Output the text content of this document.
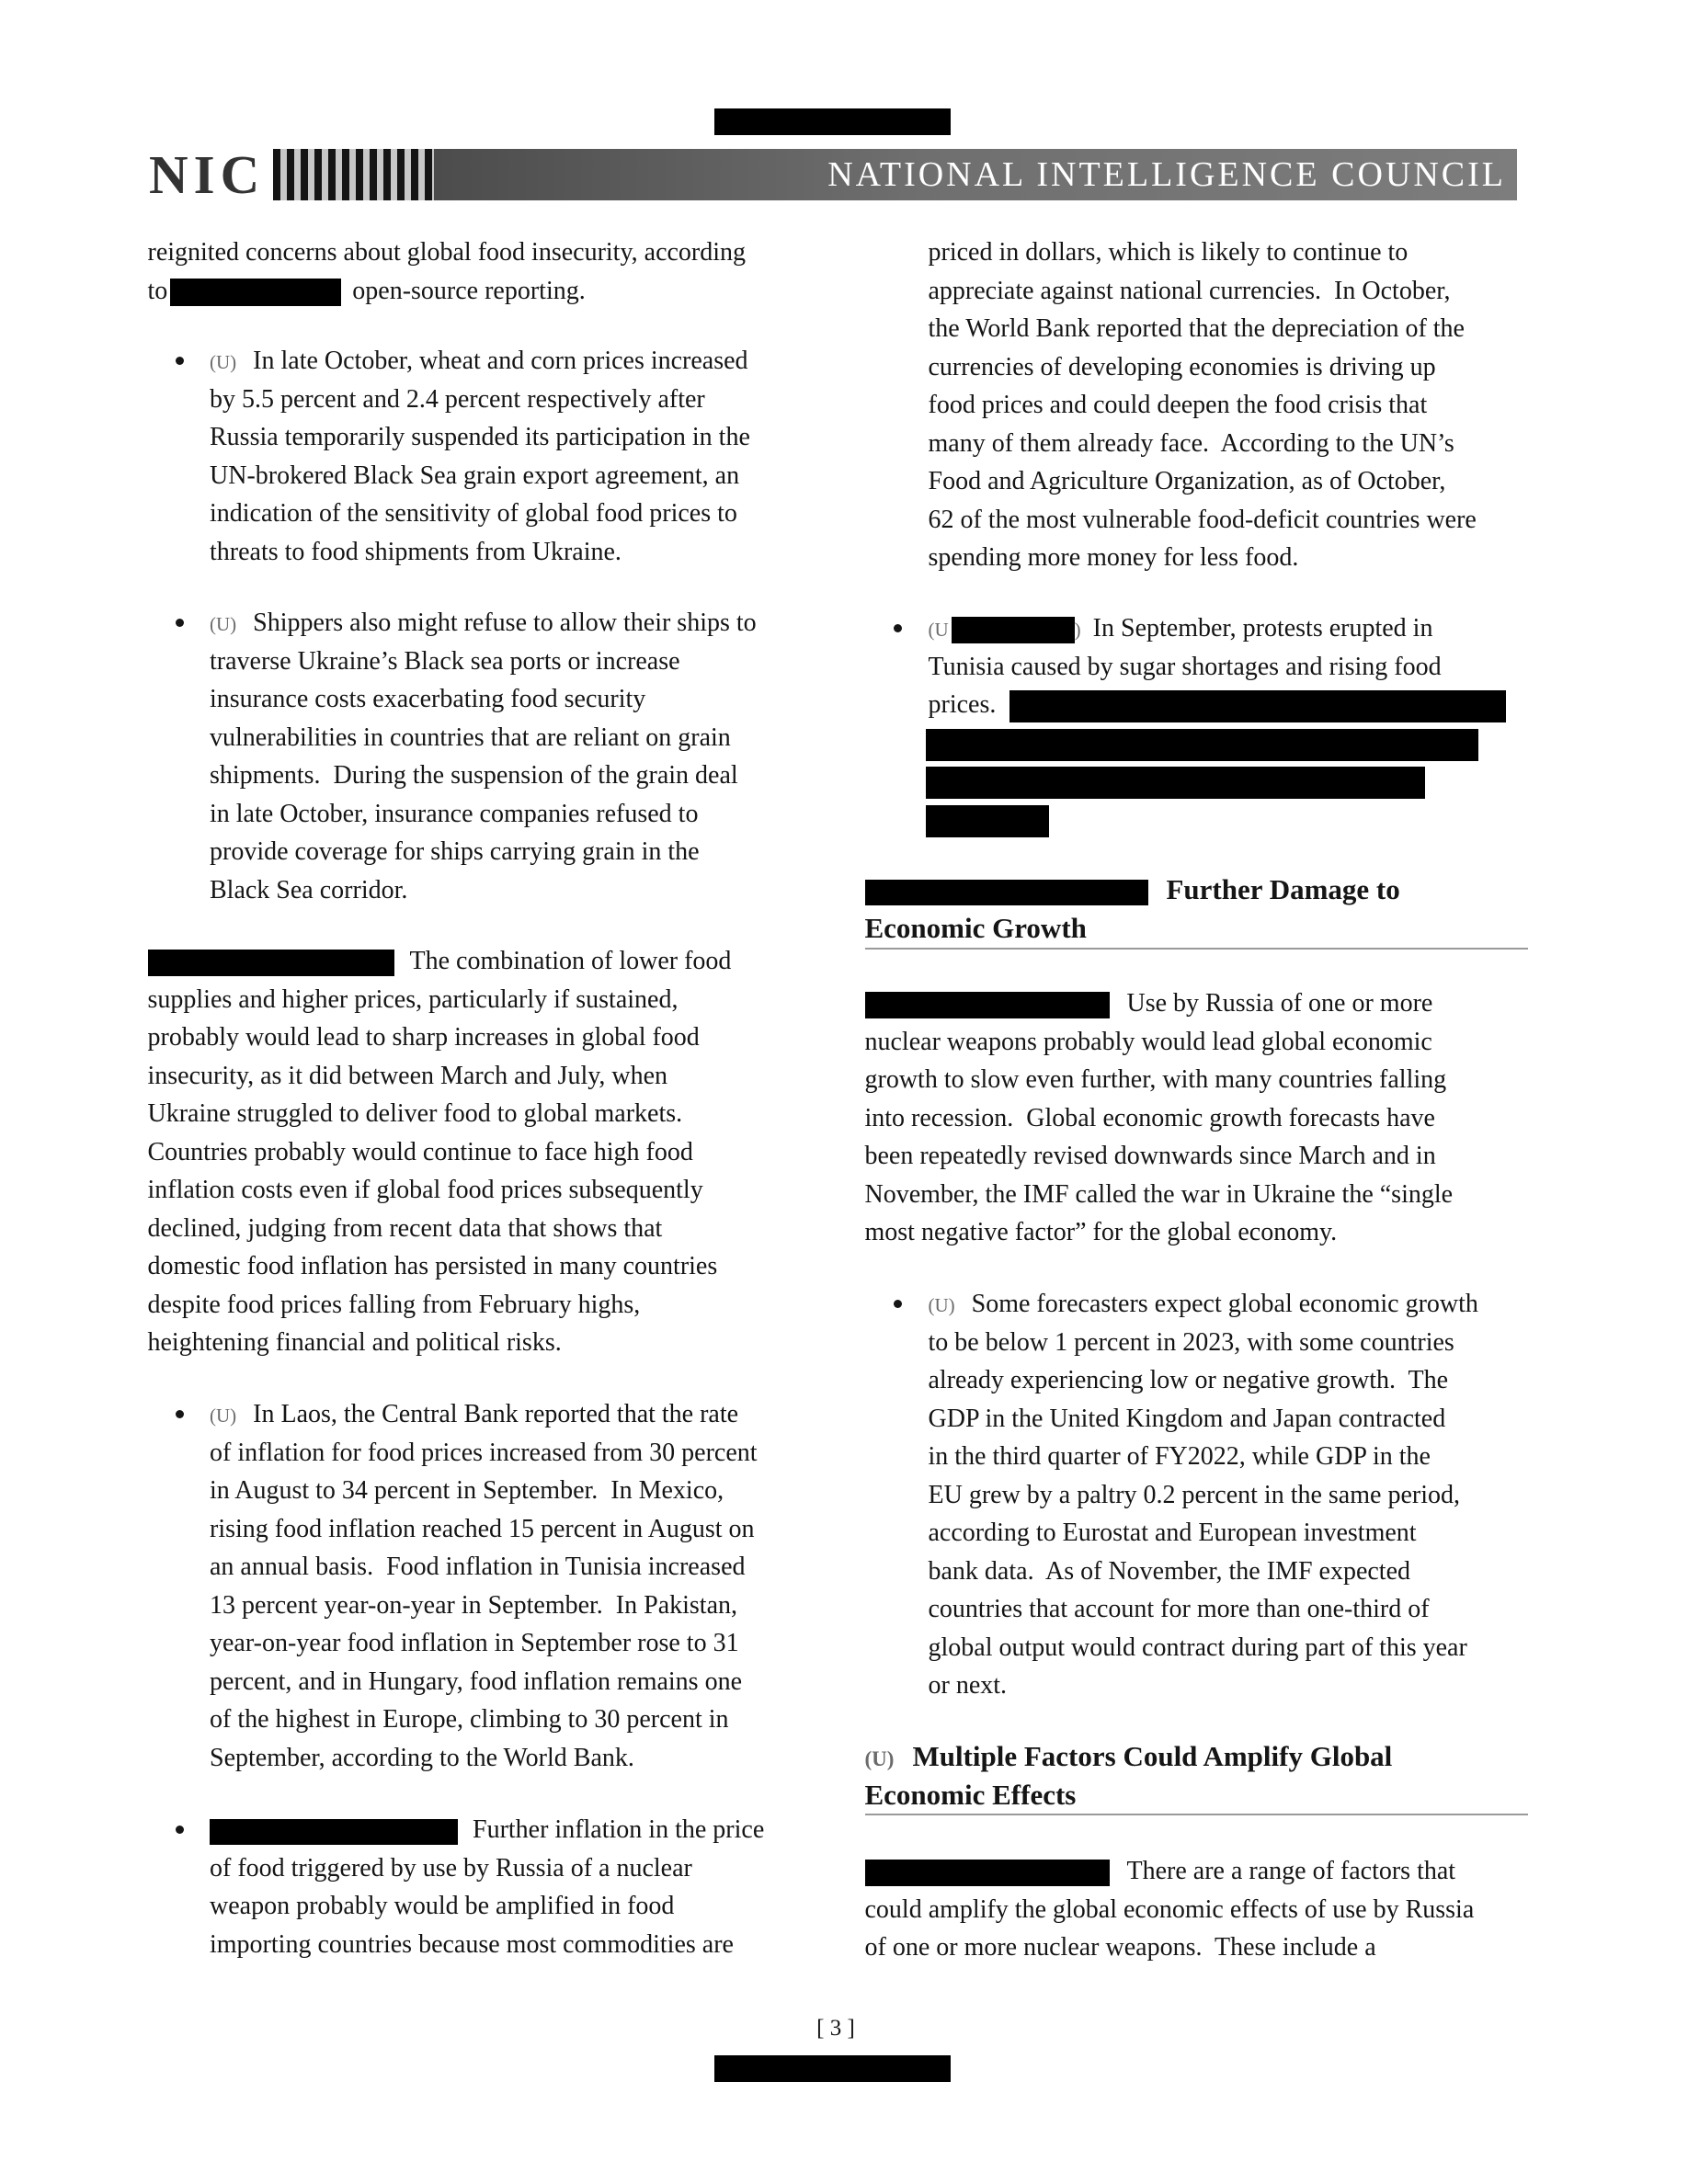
NIC	NATIONAL INTELLIGENCE COUNCIL
reignited concerns about global food insecurity, according
to	open-source reporting.
(U) In late October, wheat and corn prices increased
by 5.5 percent and 2.4 percent respectively after
Russia temporarily suspended its participation in the
UN-brokered Black Sea grain export agreement, an
indication of the sensitivity of global food prices to
threats to food shipments from Ukraine.
(U) Shippers also might refuse to allow their ships to
traverse Ukraine’s Black sea ports or increase
insurance costs exacerbating food security
vulnerabilities in countries that are reliant on grain
shipments.  During the suspension of the grain deal
in late October, insurance companies refused to
provide coverage for ships carrying grain in the
Black Sea corridor.
The combination of lower food
supplies and higher prices, particularly if sustained,
probably would lead to sharp increases in global food
insecurity, as it did between March and July, when
Ukraine struggled to deliver food to global markets.
Countries probably would continue to face high food
inflation costs even if global food prices subsequently
declined, judging from recent data that shows that
domestic food inflation has persisted in many countries
despite food prices falling from February highs,
heightening financial and political risks.
(U) In Laos, the Central Bank reported that the rate
of inflation for food prices increased from 30 percent
in August to 34 percent in September.  In Mexico,
rising food inflation reached 15 percent in August on
an annual basis.  Food inflation in Tunisia increased
13 percent year-on-year in September.  In Pakistan,
year-on-year food inflation in September rose to 31
percent, and in Hungary, food inflation remains one
of the highest in Europe, climbing to 30 percent in
September, according to the World Bank.
Further inflation in the price
of food triggered by use by Russia of a nuclear
weapon probably would be amplified in food
importing countries because most commodities are
priced in dollars, which is likely to continue to
appreciate against national currencies.  In October,
the World Bank reported that the depreciation of the
currencies of developing economies is driving up
food prices and could deepen the food crisis that
many of them already face.  According to the UN’s
Food and Agriculture Organization, as of October,
62 of the most vulnerable food-deficit countries were
spending more money for less food.
(U	) In September, protests erupted in
Tunisia caused by sugar shortages and rising food
prices.
Further Damage to
Economic Growth
Use by Russia of one or more
nuclear weapons probably would lead global economic
growth to slow even further, with many countries falling
into recession.  Global economic growth forecasts have
been repeatedly revised downwards since March and in
November, the IMF called the war in Ukraine the “single
most negative factor” for the global economy.
(U) Some forecasters expect global economic growth
to be below 1 percent in 2023, with some countries
already experiencing low or negative growth.  The
GDP in the United Kingdom and Japan contracted
in the third quarter of FY2022, while GDP in the
EU grew by a paltry 0.2 percent in the same period,
according to Eurostat and European investment
bank data.  As of November, the IMF expected
countries that account for more than one-third of
global output would contract during part of this year
or next.
(U) Multiple Factors Could Amplify Global
Economic Effects
There are a range of factors that
could amplify the global economic effects of use by Russia
of one or more nuclear weapons.  These include a
[ 3 ]
